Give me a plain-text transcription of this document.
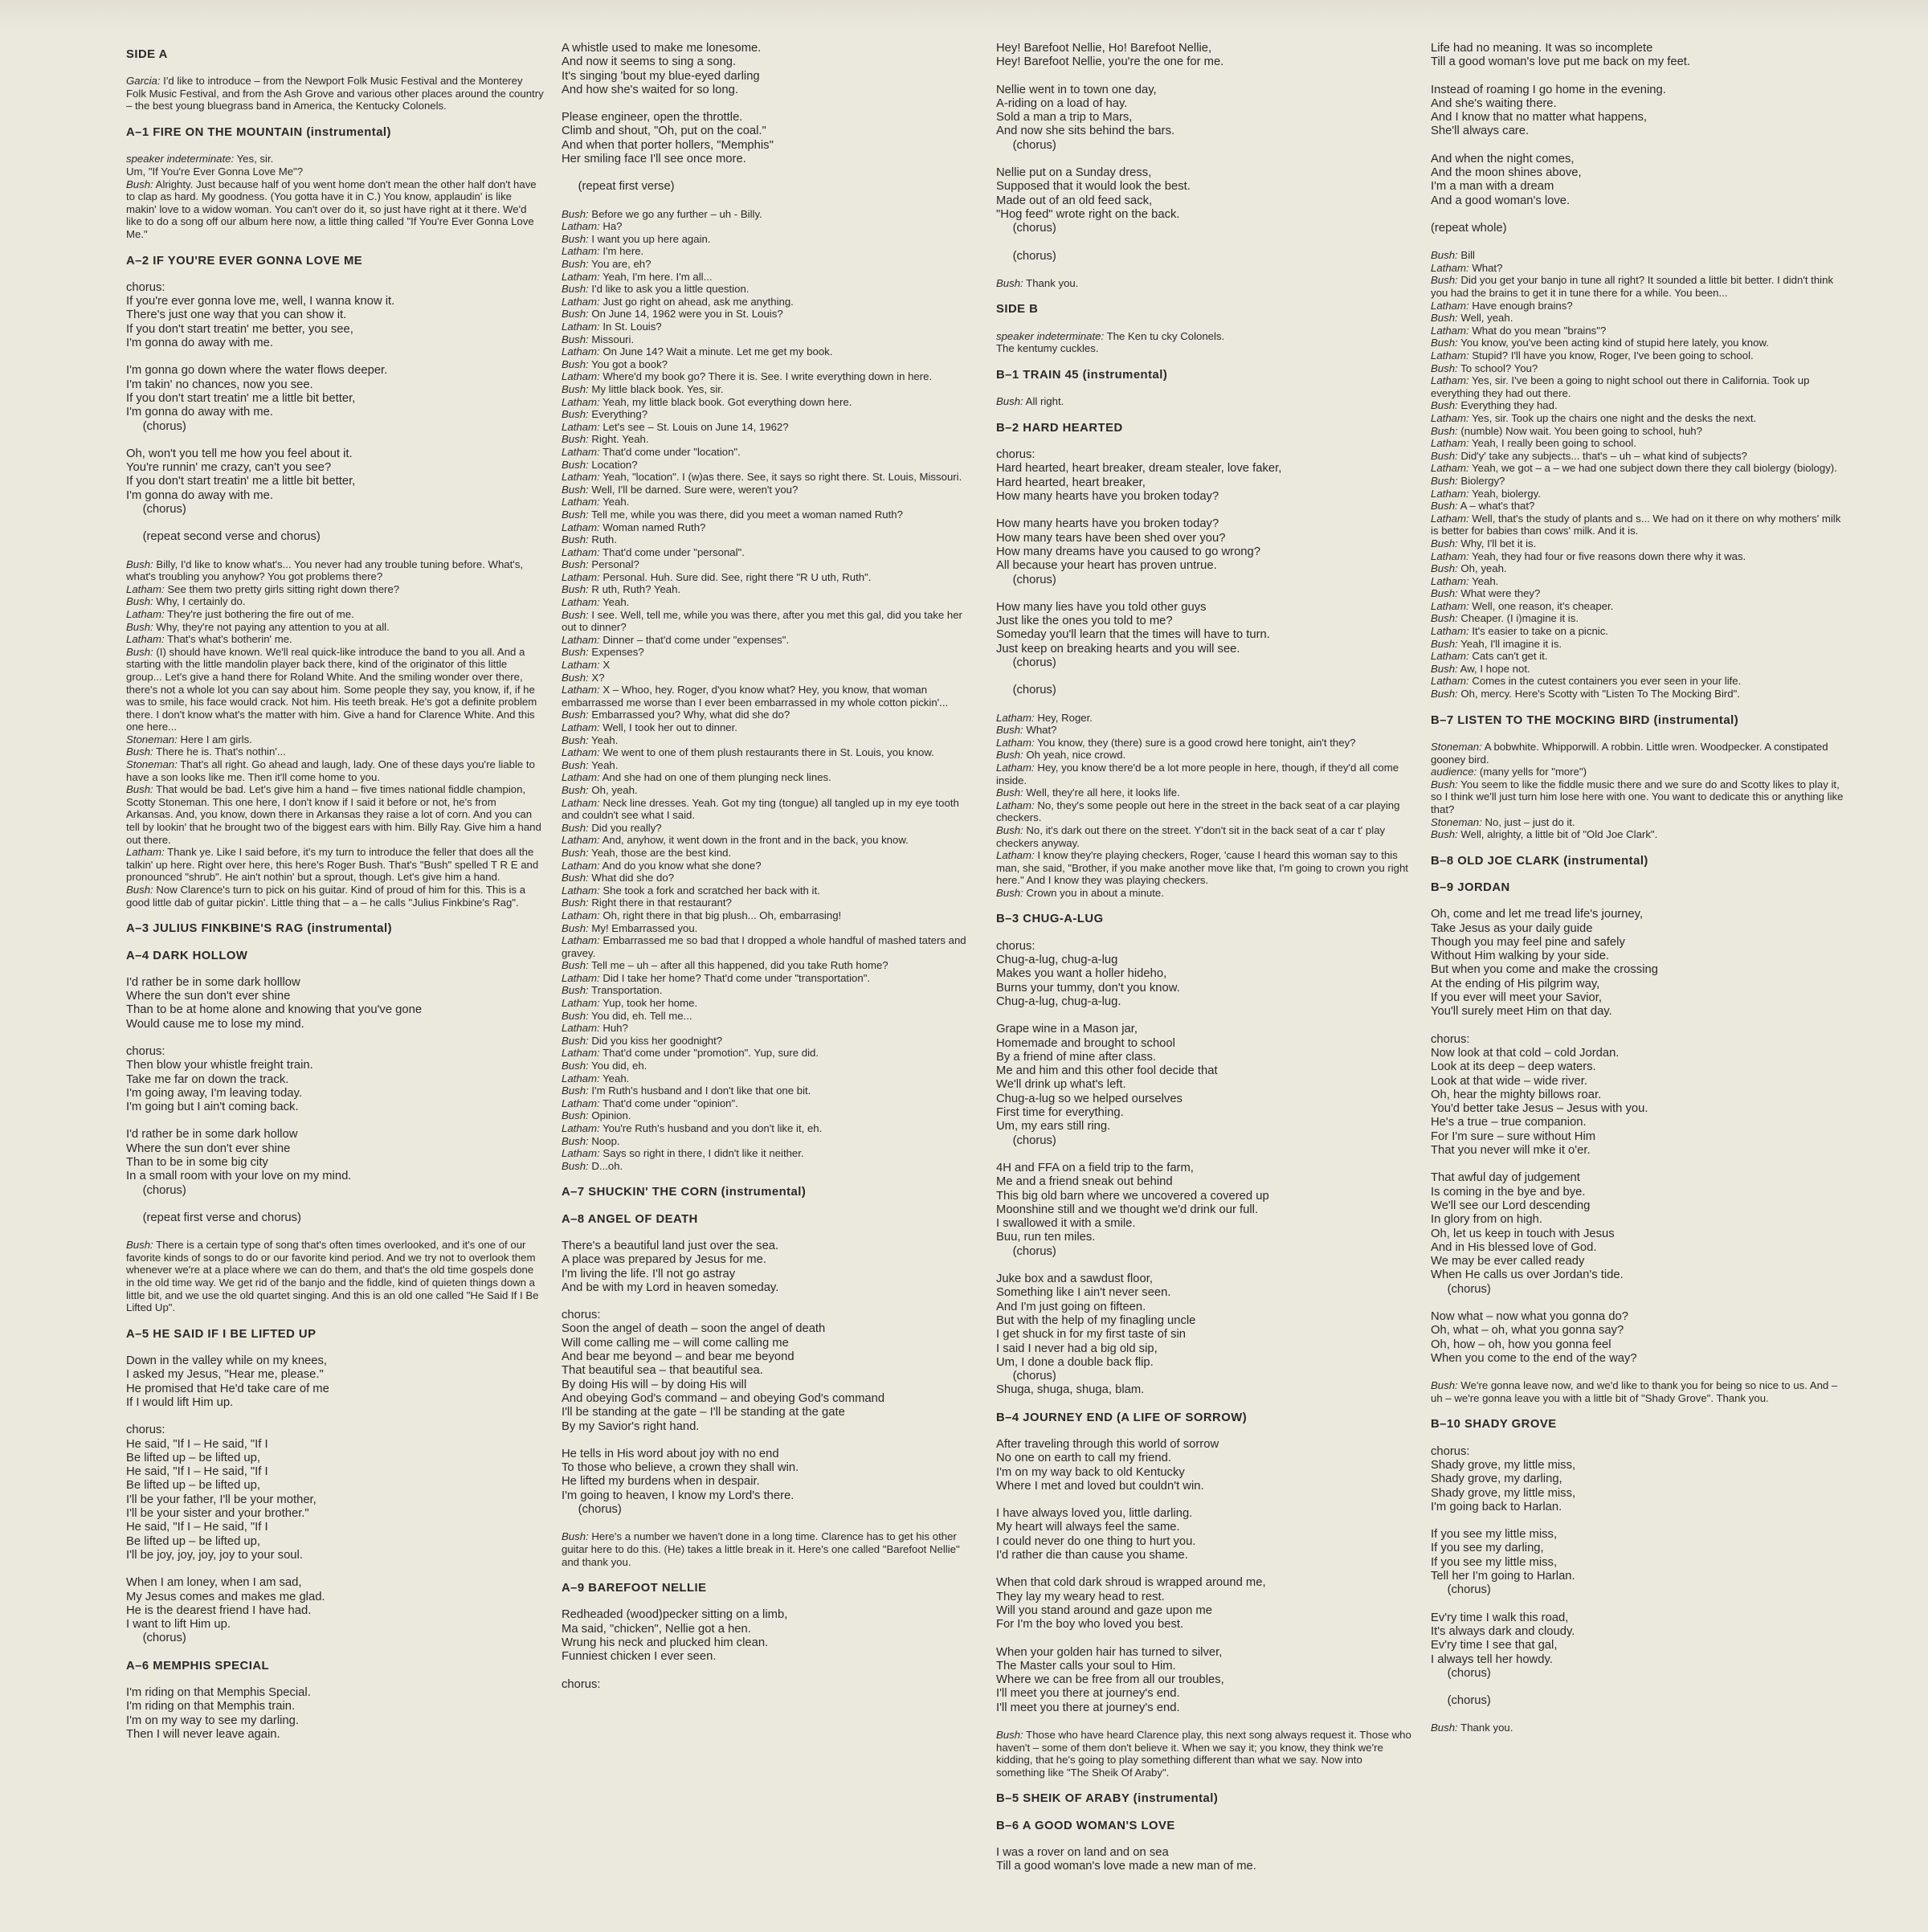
SIDE A
Garcia: I'd like to introduce – from the Newport Folk Music Festival and the Monterey Folk Music Festival, and from the Ash Grove and various other places around the country – the best young bluegrass band in America, the Kentucky Colonels.
A–1 FIRE ON THE MOUNTAIN (instrumental)
speaker indeterminate: Yes, sir.
Um, "If You're Ever Gonna Love Me"?
Bush: Alrighty. Just because half of you went home don't mean the other half don't have to clap as hard. My goodness. (You gotta have it in C.) You know, applaudin' is like makin' love to a widow woman. You can't over do it, so just have right at it there. We'd like to do a song off our album here now, a little thing called "If You're Ever Gonna Love Me."
A–2 IF YOU'RE EVER GONNA LOVE ME
chorus:
If you're ever gonna love me, well, I wanna know it.
There's just one way that you can show it.
If you don't start treatin' me better, you see,
I'm gonna do away with me.
I'm gonna go down where the water flows deeper.
I'm takin' no chances, now you see.
If you don't start treatin' me a little bit better,
I'm gonna do away with me.
(chorus)
Oh, won't you tell me how you feel about it.
You're runnin' me crazy, can't you see?
If you don't start treatin' me a little bit better,
I'm gonna do away with me.
(chorus)
(repeat second verse and chorus)
Bush: Billy, I'd like to know what's... You never had any trouble tuning before. What's, what's troubling you anyhow? You got problems there?
Latham: See them two pretty girls sitting right down there?
Bush: Why, I certainly do.
Latham: They're just bothering the fire out of me.
Bush: Why, they're not paying any attention to you at all.
Latham: That's what's botherin' me.
Bush: (I) should have known. We'll real quick-like introduce the band to you all. And a starting with the little mandolin player back there, kind of the originator of this little group... Let's give a hand there for Roland White. And the smiling wonder over there, there's not a whole lot you can say about him. Some people they say, you know, if, if he was to smile, his face would crack. Not him. His teeth break. He's got a definite problem there. I don't know what's the matter with him. Give a hand for Clarence White. And this one here...
Stoneman: Here I am girls.
Bush: There he is. That's nothin'...
Stoneman: That's all right. Go ahead and laugh, lady. One of these days you're liable to have a son looks like me. Then it'll come home to you.
Bush: That would be bad. Let's give him a hand – five times national fiddle champion, Scotty Stoneman. This one here, I don't know if I said it before or not, he's from Arkansas. And, you know, down there in Arkansas they raise a lot of corn. And you can tell by lookin' that he brought two of the biggest ears with him. Billy Ray. Give him a hand out there.
Latham: Thank ye. Like I said before, it's my turn to introduce the feller that does all the talkin' up here. Right over here, this here's Roger Bush. That's "Bush" spelled T R E and pronounced "shrub". He ain't nothin' but a sprout, though. Let's give him a hand.
Bush: Now Clarence's turn to pick on his guitar. Kind of proud of him for this. This is a good little dab of guitar pickin'. Little thing that – a – he calls "Julius Finkbine's Rag".
A–3 JULIUS FINKBINE'S RAG (instrumental)
A–4 DARK HOLLOW
I'd rather be in some dark holllow
Where the sun don't ever shine
Than to be at home alone and knowing that you've gone
Would cause me to lose my mind.
chorus:
Then blow your whistle freight train.
Take me far on down the track.
I'm going away, I'm leaving today.
I'm going but I ain't coming back.
I'd rather be in some dark hollow
Where the sun don't ever shine
Than to be in some big city
In a small room with your love on my mind.
(chorus)
(repeat first verse and chorus)
Bush: There is a certain type of song that's often times overlooked, and it's one of our favorite kinds of songs to do or our favorite kind period. And we try not to overlook them whenever we're at a place where we can do them, and that's the old time gospels done in the old time way. We get rid of the banjo and the fiddle, kind of quieten things down a little bit, and we use the old quartet singing. And this is an old one called "He Said If I Be Lifted Up".
A–5 HE SAID IF I BE LIFTED UP
Down in the valley while on my knees,
I asked my Jesus, "Hear me, please."
He promised that He'd take care of me
If I would lift Him up.
chorus:
He said, "If I – He said, "If I
Be lifted up – be lifted up,
He said, "If I – He said, "If I
Be lifted up – be lifted up,
I'll be your father, I'll be your mother,
I'll be your sister and your brother."
He said, "If I – He said, "If I
Be lifted up – be lifted up,
I'll be joy, joy, joy, joy to your soul.
When I am loney, when I am sad,
My Jesus comes and makes me glad.
He is the dearest friend I have had.
I want to lift Him up.
(chorus)
A–6 MEMPHIS SPECIAL
I'm riding on that Memphis Special.
I'm riding on that Memphis train.
I'm on my way to see my darling.
Then I will never leave again.
A whistle used to make me lonesome.
And now it seems to sing a song.
It's singing 'bout my blue-eyed darling
And how she's waited for so long.
Please engineer, open the throttle.
Climb and shout, "Oh, put on the coal."
And when that porter hollers, "Memphis"
Her smiling face I'll see once more.
(repeat first verse)
Bush: Before we go any further – uh - Billy.
Latham: Ha?
Bush: I want you up here again.
Latham: I'm here.
Bush: You are, eh?
Latham: Yeah, I'm here. I'm all...
Bush: I'd like to ask you a little question.
Latham: Just go right on ahead, ask me anything.
Bush: On June 14, 1962 were you in St. Louis?
Latham: In St. Louis?
Bush: Missouri.
Latham: On June 14? Wait a minute. Let me get my book.
Bush: You got a book?
Latham: Where'd my book go? There it is. See. I write everything down in here.
Bush: My little black book. Yes, sir.
Latham: Yeah, my little black book. Got everything down here.
Bush: Everything?
Latham: Let's see – St. Louis on June 14, 1962?
Bush: Right. Yeah.
Latham: That'd come under "location".
Bush: Location?
Latham: Yeah, "location". I (w)as there. See, it says so right there. St. Louis, Missouri.
Bush: Well, I'll be darned. Sure were, weren't you?
Latham: Yeah.
Bush: Tell me, while you was there, did you meet a woman named Ruth?
Latham: Woman named Ruth?
Bush: Ruth.
Latham: That'd come under "personal".
Bush: Personal?
Latham: Personal. Huh. Sure did. See, right there "R U uth, Ruth".
Bush: R uth, Ruth? Yeah.
Latham: Yeah.
Bush: I see. Well, tell me, while you was there, after you met this gal, did you take her out to dinner?
Latham: Dinner – that'd come under "expenses".
Bush: Expenses?
Latham: X
Bush: X?
Latham: X – Whoo, hey. Roger, d'you know what? Hey, you know, that woman embarrassed me worse than I ever been embarrassed in my whole cotton pickin'...
Bush: Embarrassed you? Why, what did she do?
Latham: Well, I took her out to dinner.
Bush: Yeah.
Latham: We went to one of them plush restaurants there in St. Louis, you know.
Bush: Yeah.
Latham: And she had on one of them plunging neck lines.
Bush: Oh, yeah.
Latham: Neck line dresses. Yeah. Got my ting (tongue) all tangled up in my eye tooth and couldn't see what I said.
Bush: Did you really?
Latham: And, anyhow, it went down in the front and in the back, you know.
Bush: Yeah, those are the best kind.
Latham: And do you know what she done?
Bush: What did she do?
Latham: She took a fork and scratched her back with it.
Bush: Right there in that restaurant?
Latham: Oh, right there in that big plush... Oh, embarrasing!
Bush: My! Embarrassed you.
Latham: Embarrassed me so bad that I dropped a whole handful of mashed taters and gravey.
Bush: Tell me – uh – after all this happened, did you take Ruth home?
Latham: Did I take her home? That'd come under "transportation".
Bush: Transportation.
Latham: Yup, took her home.
Bush: You did, eh. Tell me...
Latham: Huh?
Bush: Did you kiss her goodnight?
Latham: That'd come under "promotion". Yup, sure did.
Bush: You did, eh.
Latham: Yeah.
Bush: I'm Ruth's husband and I don't like that one bit.
Latham: That'd come under "opinion".
Bush: Opinion.
Latham: You're Ruth's husband and you don't like it, eh.
Bush: Noop.
Latham: Says so right in there, I didn't like it neither.
Bush: D...oh.
A–7 SHUCKIN' THE CORN (instrumental)
A–8 ANGEL OF DEATH
There's a beautiful land just over the sea.
A place was prepared by Jesus for me.
I'm living the life. I'll not go astray
And be with my Lord in heaven someday.
chorus:
Soon the angel of death – soon the angel of death
Will come calling me – will come calling me
And bear me beyond – and bear me beyond
That beautiful sea – that beautiful sea.
By doing His will – by doing His will
And obeying God's command – and obeying God's command
I'll be standing at the gate – I'll be standing at the gate
By my Savior's right hand.
He tells in His word about joy with no end
To those who believe, a crown they shall win.
He lifted my burdens when in despair.
I'm going to heaven, I know my Lord's there.
(chorus)
Bush: Here's a number we haven't done in a long time. Clarence has to get his other guitar here to do this. (He) takes a little break in it. Here's one called "Barefoot Nellie" and thank you.
A–9 BAREFOOT NELLIE
Redheaded (wood)pecker sitting on a limb,
Ma said, "chicken", Nellie got a hen.
Wrung his neck and plucked him clean.
Funniest chicken I ever seen.
chorus:
Hey! Barefoot Nellie, Ho! Barefoot Nellie,
Hey! Barefoot Nellie, you're the one for me.
Nellie went in to town one day,
A-riding on a load of hay.
Sold a man a trip to Mars,
And now she sits behind the bars.
(chorus)
Nellie put on a Sunday dress,
Supposed that it would look the best.
Made out of an old feed sack,
"Hog feed" wrote right on the back.
(chorus)
(chorus)
Bush: Thank you.
SIDE B
speaker indeterminate: The Ken tu cky Colonels.
The kentumy cuckles.
B–1 TRAIN 45 (instrumental)
Bush: All right.
B–2 HARD HEARTED
chorus:
Hard hearted, heart breaker, dream stealer, love faker,
Hard hearted, heart breaker,
How many hearts have you broken today?
How many hearts have you broken today?
How many tears have been shed over you?
How many dreams have you caused to go wrong?
All because your heart has proven untrue.
(chorus)
How many lies have you told other guys
Just like the ones you told to me?
Someday you'll learn that the times will have to turn.
Just keep on breaking hearts and you will see.
(chorus)
(chorus)
Latham: Hey, Roger.
Bush: What?
Latham: You know, they (there) sure is a good crowd here tonight, ain't they?
Bush: Oh yeah, nice crowd.
Latham: Hey, you know there'd be a lot more people in here, though, if they'd all come inside.
Bush: Well, they're all here, it looks life.
Latham: No, they's some people out here in the street in the back seat of a car playing checkers.
Bush: No, it's dark out there on the street. Y'don't sit in the back seat of a car t' play checkers anyway.
Latham: I know they're playing checkers, Roger, 'cause I heard this woman say to this man, she said, "Brother, if you make another move like that, I'm going to crown you right here." And I know they was playing checkers.
Bush: Crown you in about a minute.
B–3 CHUG-A-LUG
chorus:
Chug-a-lug, chug-a-lug
Makes you want a holler hideho,
Burns your tummy, don't you know.
Chug-a-lug, chug-a-lug.
Grape wine in a Mason jar,
Homemade and brought to school
By a friend of mine after class.
Me and him and this other fool decide that
We'll drink up what's left.
Chug-a-lug so we helped ourselves
First time for everything.
Um, my ears still ring.
(chorus)
4H and FFA on a field trip to the farm,
Me and a friend sneak out behind
This big old barn where we uncovered a covered up
Moonshine still and we thought we'd drink our full.
I swallowed it with a smile.
Buu, run ten miles.
(chorus)
Juke box and a sawdust floor,
Something like I ain't never seen.
And I'm just going on fifteen.
But with the help of my finagling uncle
I get shuck in for my first taste of sin
I said I never had a big old sip,
Um, I done a double back flip.
(chorus)
Shuga, shuga, shuga, blam.
B–4 JOURNEY END (A LIFE OF SORROW)
After traveling through this world of sorrow
No one on earth to call my friend.
I'm on my way back to old Kentucky
Where I met and loved but couldn't win.
I have always loved you, little darling.
My heart will always feel the same.
I could never do one thing to hurt you.
I'd rather die than cause you shame.
When that cold dark shroud is wrapped around me,
They lay my weary head to rest.
Will you stand around and gaze upon me
For I'm the boy who loved you best.
When your golden hair has turned to silver,
The Master calls your soul to Him.
Where we can be free from all our troubles,
I'll meet you there at journey's end.
I'll meet you there at journey's end.
Bush: Those who have heard Clarence play, this next song always request it. Those who haven't – some of them don't believe it. When we say it; you know, they think we're kidding, that he's going to play something different than what we say. Now into something like "The Sheik Of Araby".
B–5 SHEIK OF ARABY (instrumental)
B–6 A GOOD WOMAN'S LOVE
I was a rover on land and on sea
Till a good woman's love made a new man of me.
Life had no meaning. It was so incomplete
Till a good woman's love put me back on my feet.
Instead of roaming I go home in the evening.
And she's waiting there.
And I know that no matter what happens,
She'll always care.
And when the night comes,
And the moon shines above,
I'm a man with a dream
And a good woman's love.
(repeat whole)
Bush: Bill
Latham: What?
Bush: Did you get your banjo in tune all right? It sounded a little bit better. I didn't think you had the brains to get it in tune there for a while. You been...
Latham: Have enough brains?
Bush: Well, yeah.
Latham: What do you mean "brains"?
Bush: You know, you've been acting kind of stupid here lately, you know.
Latham: Stupid? I'll have you know, Roger, I've been going to school.
Bush: To school? You?
Latham: Yes, sir. I've been a going to night school out there in California. Took up everything they had out there.
Bush: Everything they had.
Latham: Yes, sir. Took up the chairs one night and the desks the next.
Bush: (numble) Now wait. You been going to school, huh?
Latham: Yeah, I really been going to school.
Bush: Did'y' take any subjects... that's – uh – what kind of subjects?
Latham: Yeah, we got – a – we had one subject down there they call biolergy (biology).
Bush: Biolergy?
Latham: Yeah, biolergy.
Bush: A – what's that?
Latham: Well, that's the study of plants and s... We had on it there on why mothers' milk is better for babies than cows' milk. And it is.
Bush: Why, I'll bet it is.
Latham: Yeah, they had four or five reasons down there why it was.
Bush: Oh, yeah.
Latham: Yeah.
Bush: What were they?
Latham: Well, one reason, it's cheaper.
Bush: Cheaper. (I i)magine it is.
Latham: It's easier to take on a picnic.
Bush: Yeah, I'll imagine it is.
Latham: Cats can't get it.
Bush: Aw, I hope not.
Latham: Comes in the cutest containers you ever seen in your life.
Bush: Oh, mercy. Here's Scotty with "Listen To The Mocking Bird".
B–7 LISTEN TO THE MOCKING BIRD (instrumental)
Stoneman: A bobwhite. Whipporwill. A robbin. Little wren. Woodpecker. A constipated gooney bird.
audience: (many yells for "more")
Bush: You seem to like the fiddle music there and we sure do and Scotty likes to play it, so I think we'll just turn him lose here with one. You want to dedicate this or anything like that?
Stoneman: No, just – just do it.
Bush: Well, alrighty, a little bit of "Old Joe Clark".
B–8 OLD JOE CLARK (instrumental)
B–9 JORDAN
Oh, come and let me tread life's journey,
Take Jesus as your daily guide
Though you may feel pine and safely
Without Him walking by your side.
But when you come and make the crossing
At the ending of His pilgrim way,
If you ever will meet your Savior,
You'll surely meet Him on that day.
chorus:
Now look at that cold – cold Jordan.
Look at its deep – deep waters.
Look at that wide – wide river.
Oh, hear the mighty billows roar.
You'd better take Jesus – Jesus with you.
He's a true – true companion.
For I'm sure – sure without Him
That you never will mke it o'er.
That awful day of judgement
Is coming in the bye and bye.
We'll see our Lord descending
In glory from on high.
Oh, let us keep in touch with Jesus
And in His blessed love of God.
We may be ever called ready
When He calls us over Jordan's tide.
(chorus)
Now what – now what you gonna do?
Oh, what – oh, what you gonna say?
Oh, how – oh, how you gonna feel
When you come to the end of the way?
Bush: We're gonna leave now, and we'd like to thank you for being so nice to us. And – uh – we're gonna leave you with a little bit of "Shady Grove". Thank you.
B–10 SHADY GROVE
chorus:
Shady grove, my little miss,
Shady grove, my darling,
Shady grove, my little miss,
I'm going back to Harlan.
If you see my little miss,
If you see my darling,
If you see my little miss,
Tell her I'm going to Harlan.
(chorus)
Ev'ry time I walk this road,
It's always dark and cloudy.
Ev'ry time I see that gal,
I always tell her howdy.
(chorus)
(chorus)
Bush: Thank you.
